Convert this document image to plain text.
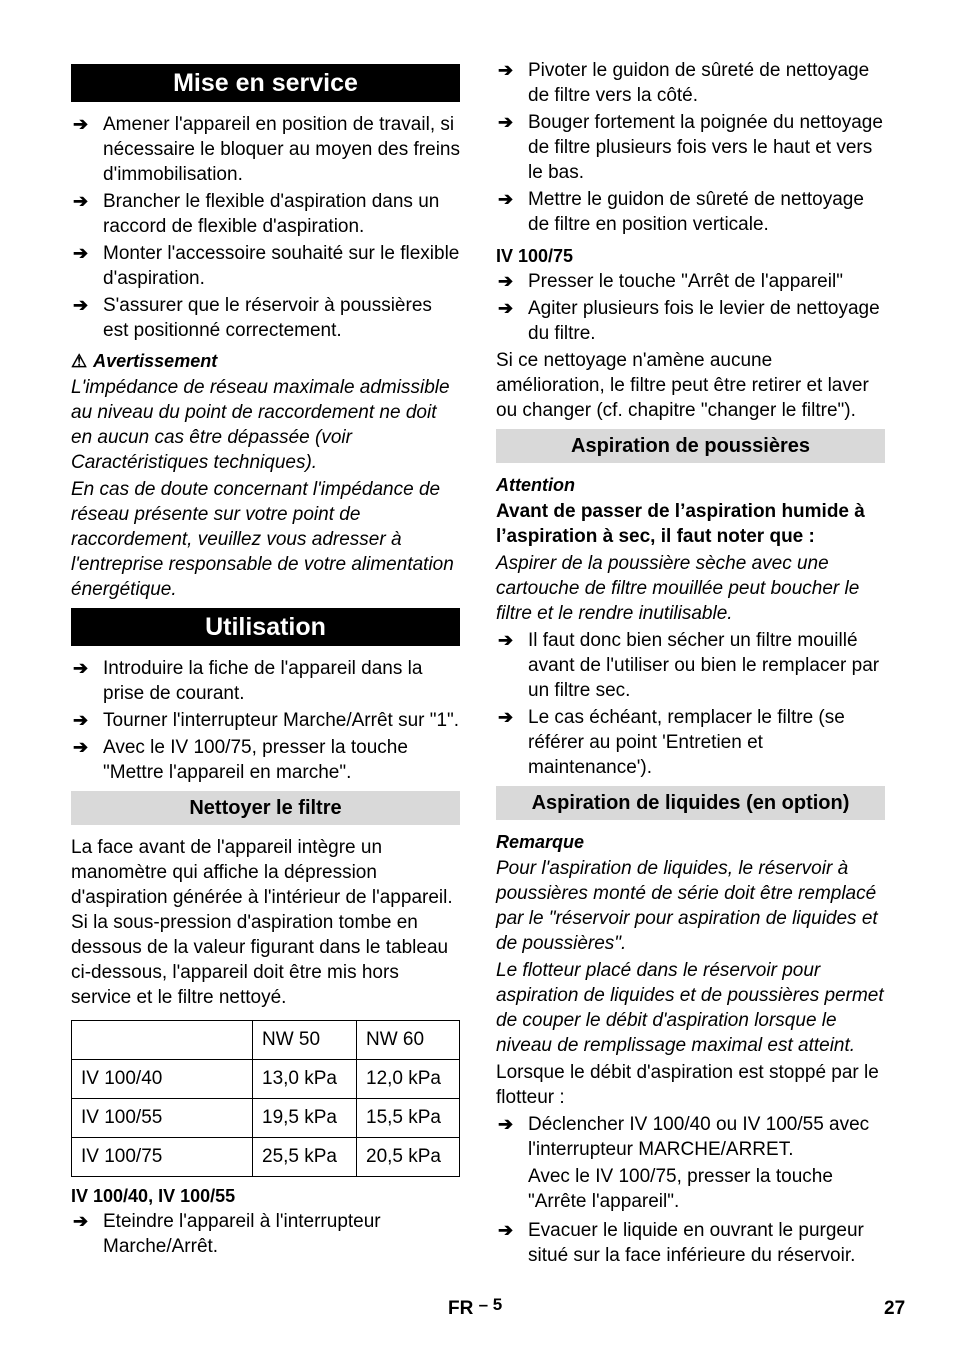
Mise en service
➔ Amener l'appareil en position de travail, si nécessaire le bloquer au moyen des freins d'immobilisation.
➔ Brancher le flexible d'aspiration dans un raccord de flexible d'aspiration.
➔ Monter l'accessoire souhaité sur le flexible d'aspiration.
➔ S'assurer que le réservoir à poussières est positionné correctement.
⚠ Avertissement
L'impédance de réseau maximale admissible au niveau du point de raccordement ne doit en aucun cas être dépassée (voir Caractéristiques techniques).
En cas de doute concernant l'impédance de réseau présente sur votre point de raccordement, veuillez vous adresser à l'entreprise responsable de votre alimentation énergétique.
Utilisation
➔ Introduire la fiche de l'appareil dans la prise de courant.
➔ Tourner l'interrupteur Marche/Arrêt sur "1".
➔ Avec le IV 100/75, presser la touche "Mettre l'appareil en marche".
Nettoyer le filtre
La face avant de l'appareil intègre un manomètre qui affiche la dépression d'aspiration générée à l'intérieur de l'appareil. Si la sous-pression d'aspiration tombe en dessous de la valeur figurant dans le tableau ci-dessous, l'appareil doit être mis hors service et le filtre nettoyé.
	NW 50	NW 60
IV 100/40	13,0 kPa	12,0 kPa
IV 100/55	19,5 kPa	15,5 kPa
IV 100/75	25,5 kPa	20,5 kPa
IV 100/40, IV 100/55
➔ Eteindre l'appareil à l'interrupteur Marche/Arrêt.
➔ Pivoter le guidon de sûreté de nettoyage de filtre vers la côté.
➔ Bouger fortement la poignée du nettoyage de filtre plusieurs fois vers le haut et vers le bas.
➔ Mettre le guidon de sûreté de nettoyage de filtre en position verticale.
IV 100/75
➔ Presser le touche "Arrêt de l'appareil"
➔ Agiter plusieurs fois le levier de nettoyage du filtre.
Si ce nettoyage n'amène aucune amélioration, le filtre peut être retirer et laver ou changer (cf. chapitre "changer le filtre").
Aspiration de poussières
Attention
Avant de passer de l’aspiration humide à l’aspiration à sec, il faut noter que :
Aspirer de la poussière sèche avec une cartouche de filtre mouillée peut boucher le filtre et le rendre inutilisable.
➔ Il faut donc bien sécher un filtre mouillé avant de l'utiliser ou bien le remplacer par un filtre sec.
➔ Le cas échéant, remplacer le filtre (se référer au point 'Entretien et maintenance').
Aspiration de liquides (en option)
Remarque
Pour l'aspiration de liquides, le réservoir à poussières monté de série doit être remplacé par le "réservoir pour aspiration de liquides et de poussières".
Le flotteur placé dans le réservoir pour aspiration de liquides et de poussières permet de couper le débit d'aspiration lorsque le niveau de remplissage maximal est atteint.
Lorsque le débit d'aspiration est stoppé par le flotteur :
➔ Déclencher IV 100/40 ou IV 100/55 avec l'interrupteur MARCHE/ARRET.
Avec le IV 100/75, presser la touche "Arrête l'appareil".
➔ Evacuer le liquide en ouvrant le purgeur situé sur la face inférieure du réservoir.
FR – 5	27
